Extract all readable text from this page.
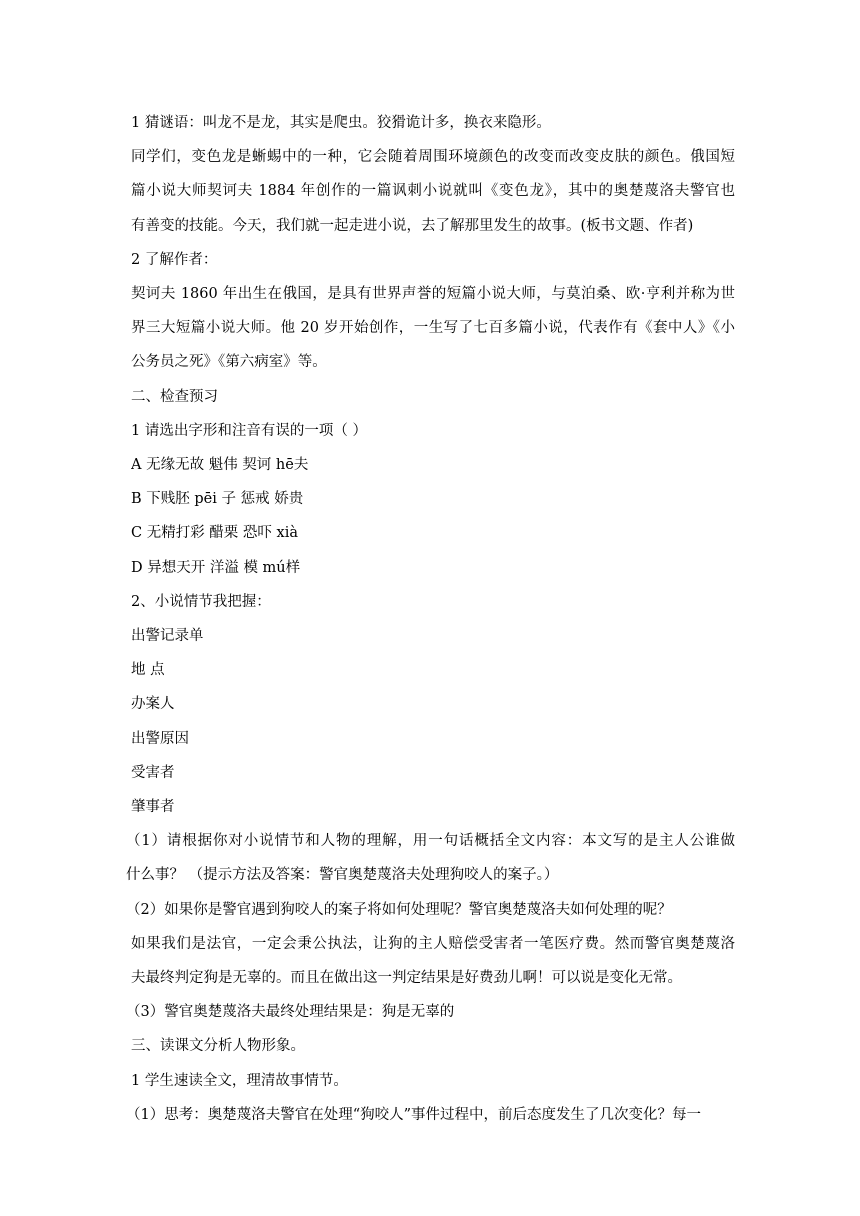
1 猜谜语：叫龙不是龙，其实是爬虫。狡猾诡计多，换衣来隐形。
同学们，变色龙是蜥蜴中的一种，它会随着周围环境颜色的改变而改变皮肤的颜色。俄国短
篇小说大师契诃夫 1884 年创作的一篇讽刺小说就叫《变色龙》，其中的奥楚蔑洛夫警官也
有善变的技能。今天，我们就一起走进小说，去了解那里发生的故事。(板书文题、作者)
2 了解作者：
契诃夫 1860 年出生在俄国，是具有世界声誉的短篇小说大师，与莫泊桑、欧·亨利并称为世
界三大短篇小说大师。他 20 岁开始创作，一生写了七百多篇小说，代表作有《套中人》《小
公务员之死》《第六病室》等。
二、检查预习
1 请选出字形和注音有误的一项（ ）
A 无缘无故 魁伟 契诃 hē夫
B 下贱胚 pēi 子 惩戒 娇贵
C 无精打彩 醋栗 恐吓 xià
D 异想天开 洋溢 模 mú样
2、小说情节我把握：
出警记录单
地 点
办案人
出警原因
受害者
肇事者
（1）请根据你对小说情节和人物的理解，用一句话概括全文内容：本文写的是主人公谁做
什么事？ （提示方法及答案：警官奥楚蔑洛夫处理狗咬人的案子。）
（2）如果你是警官遇到狗咬人的案子将如何处理呢？警官奥楚蔑洛夫如何处理的呢？
如果我们是法官，一定会秉公执法，让狗的主人赔偿受害者一笔医疗费。然而警官奥楚蔑洛
夫最终判定狗是无辜的。而且在做出这一判定结果是好费劲儿啊！可以说是变化无常。
（3）警官奥楚蔑洛夫最终处理结果是：狗是无辜的
三、读课文分析人物形象。
1 学生速读全文，理清故事情节。
（1）思考：奥楚蔑洛夫警官在处理“狗咬人”事件过程中，前后态度发生了几次变化？每一
